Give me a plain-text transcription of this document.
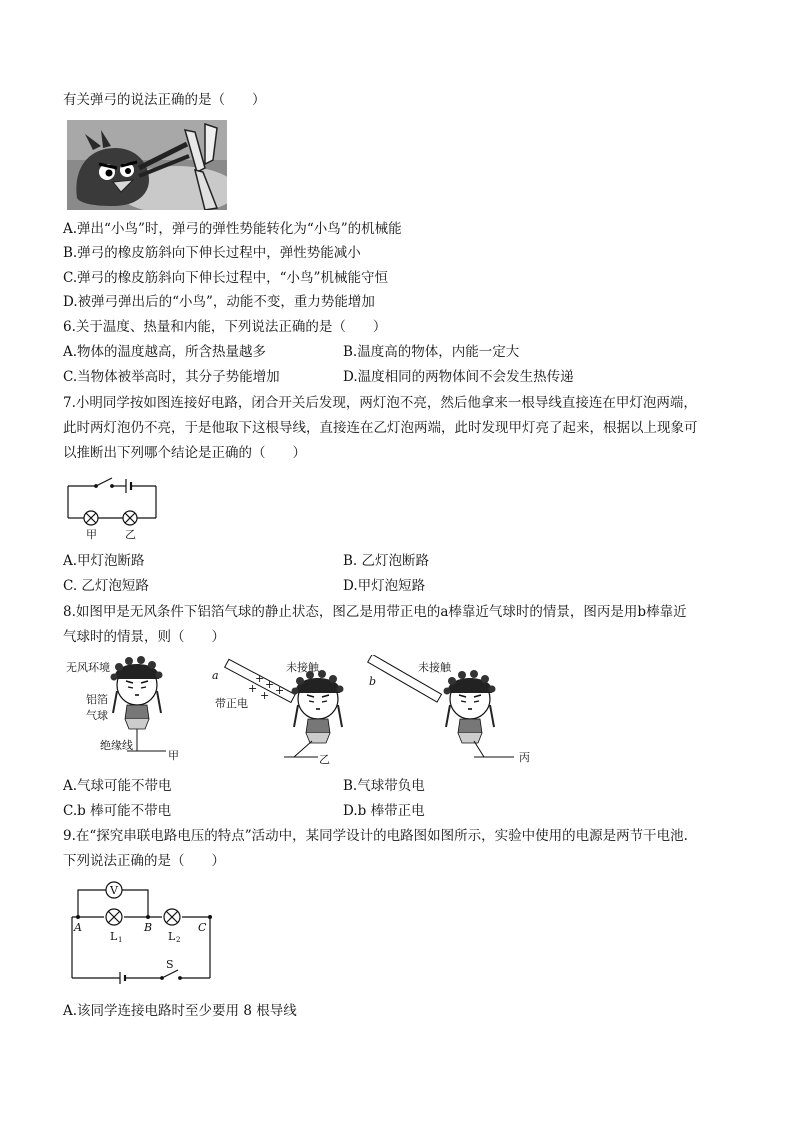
有关弹弓的说法正确的是（　　）
A.弹出“小鸟”时，弹弓的弹性势能转化为“小鸟”的机械能
B.弹弓的橡皮筋斜向下伸长过程中，弹性势能减小
C.弹弓的橡皮筋斜向下伸长过程中，“小鸟”机械能守恒
D.被弹弓弹出后的“小鸟”，动能不变，重力势能增加
6.关于温度、热量和内能，下列说法正确的是（　　）
A.物体的温度越高，所含热量越多	B.温度高的物体，内能一定大
C.当物体被举高时，其分子势能增加	D.温度相同的两物体间不会发生热传递
7.小明同学按如图连接好电路，闭合开关后发现，两灯泡不亮，然后他拿来一根导线直接连在甲灯泡两端，
此时两灯泡仍不亮，于是他取下这根导线，直接连在乙灯泡两端，此时发现甲灯亮了起来，根据以上现象可
以推断出下列哪个结论是正确的（　　）
甲	乙
A.甲灯泡断路	B. 乙灯泡断路
C. 乙灯泡短路	D.甲灯泡短路
8.如图甲是无风条件下铝箔气球的静止状态，图乙是用带正电的a棒靠近气球时的情景，图丙是用b棒靠近
气球时的情景，则（　　）
无风环境
铝箔
气球
绝缘线
甲
a	+ + +
+
+
未接触
带正电
乙
b
未接触
丙
A.气球可能不带电	B.气球带负电
C.b 棒可能不带电	D.b 棒带正电
9.在“探究串联电路电压的特点”活动中，某同学设计的电路图如图所示，实验中使用的电源是两节干电池.
下列说法正确的是（　　）
V
A	B	C
L 1	L 2
S
A.该同学连接电路时至少要用 8 根导线
